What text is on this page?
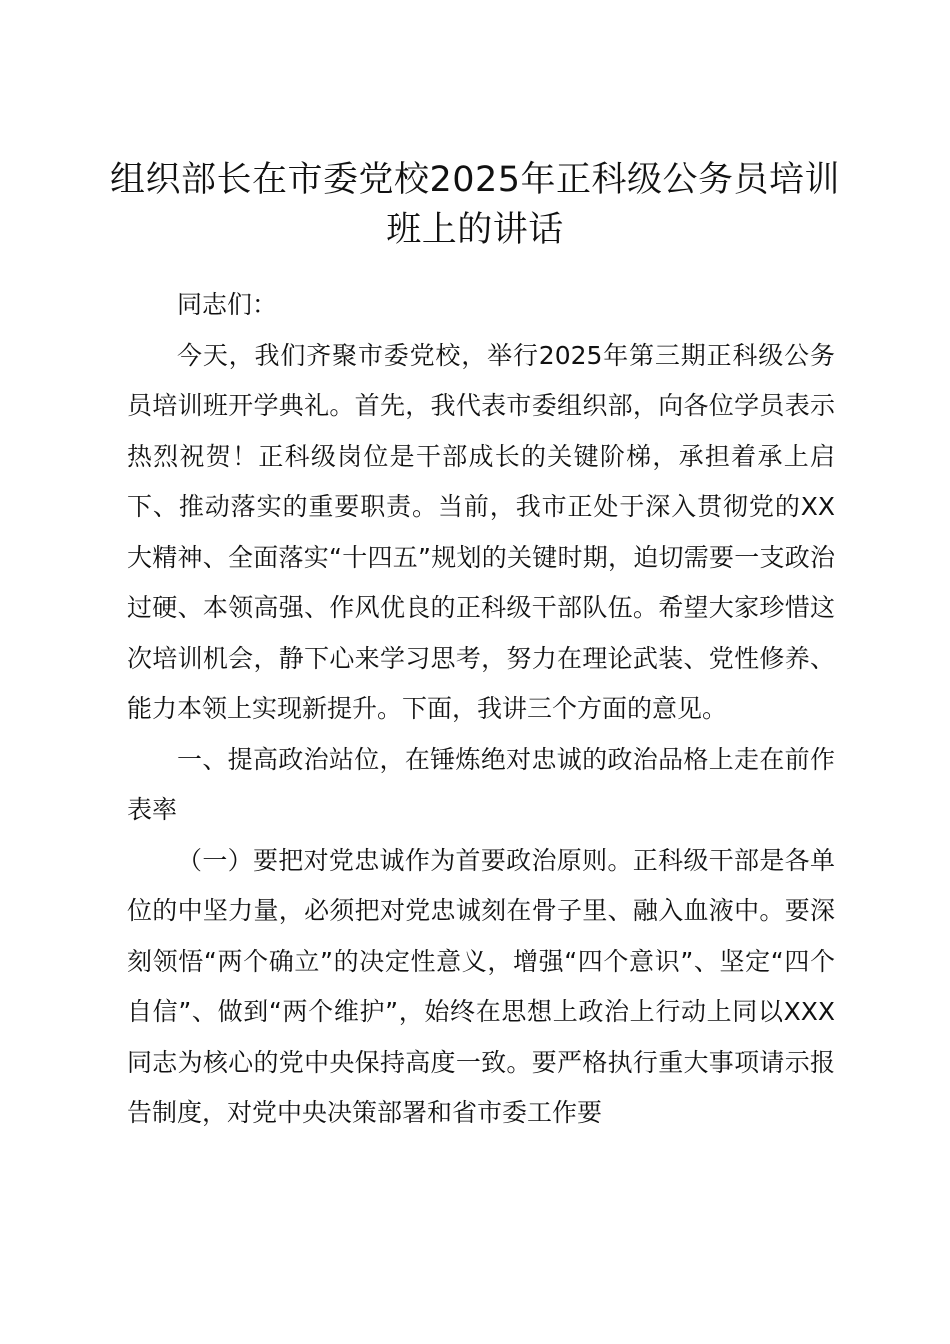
组织部长在市委党校2025年正科级公务员培训班上的讲话

同志们：

今天，我们齐聚市委党校，举行2025年第三期正科级公务员培训班开学典礼。首先，我代表市委组织部，向各位学员表示热烈祝贺！正科级岗位是干部成长的关键阶梯，承担着承上启下、推动落实的重要职责。当前，我市正处于深入贯彻党的XX大精神、全面落实“十四五”规划的关键时期，迫切需要一支政治过硬、本领高强、作风优良的正科级干部队伍。希望大家珍惜这次培训机会，静下心来学习思考，努力在理论武装、党性修养、能力本领上实现新提升。下面，我讲三个方面的意见。

一、提高政治站位，在锤炼绝对忠诚的政治品格上走在前作表率

（一）要把对党忠诚作为首要政治原则。正科级干部是各单位的中坚力量，必须把对党忠诚刻在骨子里、融入血液中。要深刻领悟“两个确立”的决定性意义，增强“四个意识”、坚定“四个自信”、做到“两个维护”，始终在思想上政治上行动上同以XXX同志为核心的党中央保持高度一致。要严格执行重大事项请示报告制度，对党中央决策部署和省市委工作要
